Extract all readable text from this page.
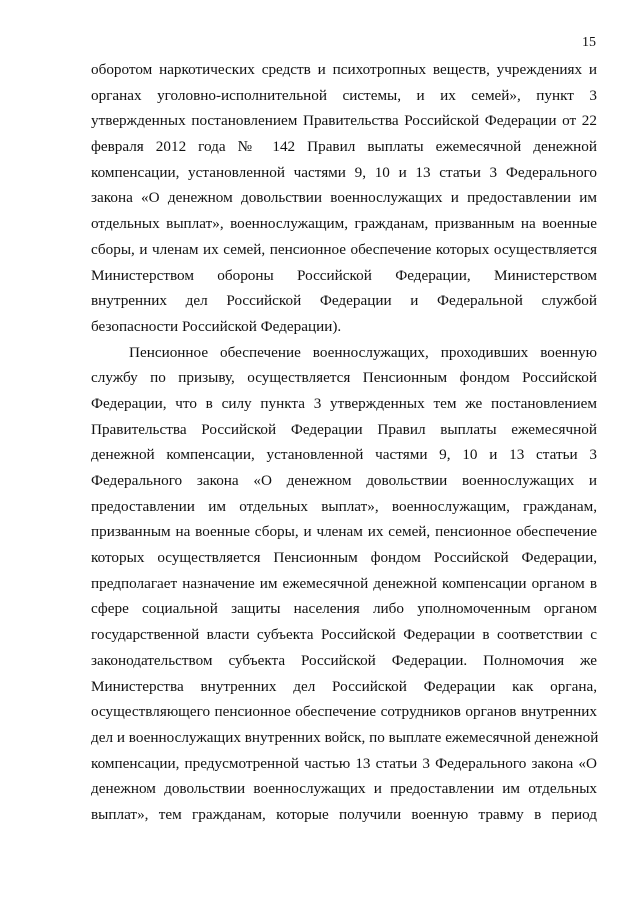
15
оборотом наркотических средств и психотропных веществ, учреждениях и
органах уголовно-исполнительной системы, и их семей», пункт 3
утвержденных постановлением Правительства Российской Федерации от 22
февраля 2012 года № 142 Правил выплаты ежемесячной денежной
компенсации, установленной частями 9, 10 и 13 статьи 3 Федерального
закона «О денежном довольствии военнослужащих и предоставлении им
отдельных выплат», военнослужащим, гражданам, призванным на военные
сборы, и членам их семей, пенсионное обеспечение которых осуществляется
Министерством обороны Российской Федерации, Министерством
внутренних дел Российской Федерации и Федеральной службой
безопасности Российской Федерации).
Пенсионное обеспечение военнослужащих, проходивших военную
службу по призыву, осуществляется Пенсионным фондом Российской
Федерации, что в силу пункта 3 утвержденных тем же постановлением
Правительства Российской Федерации Правил выплаты ежемесячной
денежной компенсации, установленной частями 9, 10 и 13 статьи 3
Федерального закона «О денежном довольствии военнослужащих и
предоставлении им отдельных выплат», военнослужащим, гражданам,
призванным на военные сборы, и членам их семей, пенсионное обеспечение
которых осуществляется Пенсионным фондом Российской Федерации,
предполагает назначение им ежемесячной денежной компенсации органом в
сфере социальной защиты населения либо уполномоченным органом
государственной власти субъекта Российской Федерации в соответствии с
законодательством субъекта Российской Федерации. Полномочия же
Министерства внутренних дел Российской Федерации как органа,
осуществляющего пенсионное обеспечение сотрудников органов внутренних
дел и военнослужащих внутренних войск, по выплате ежемесячной денежной
компенсации, предусмотренной частью 13 статьи 3 Федерального закона «О
денежном довольствии военнослужащих и предоставлении им отдельных
выплат», тем гражданам, которые получили военную травму в период
